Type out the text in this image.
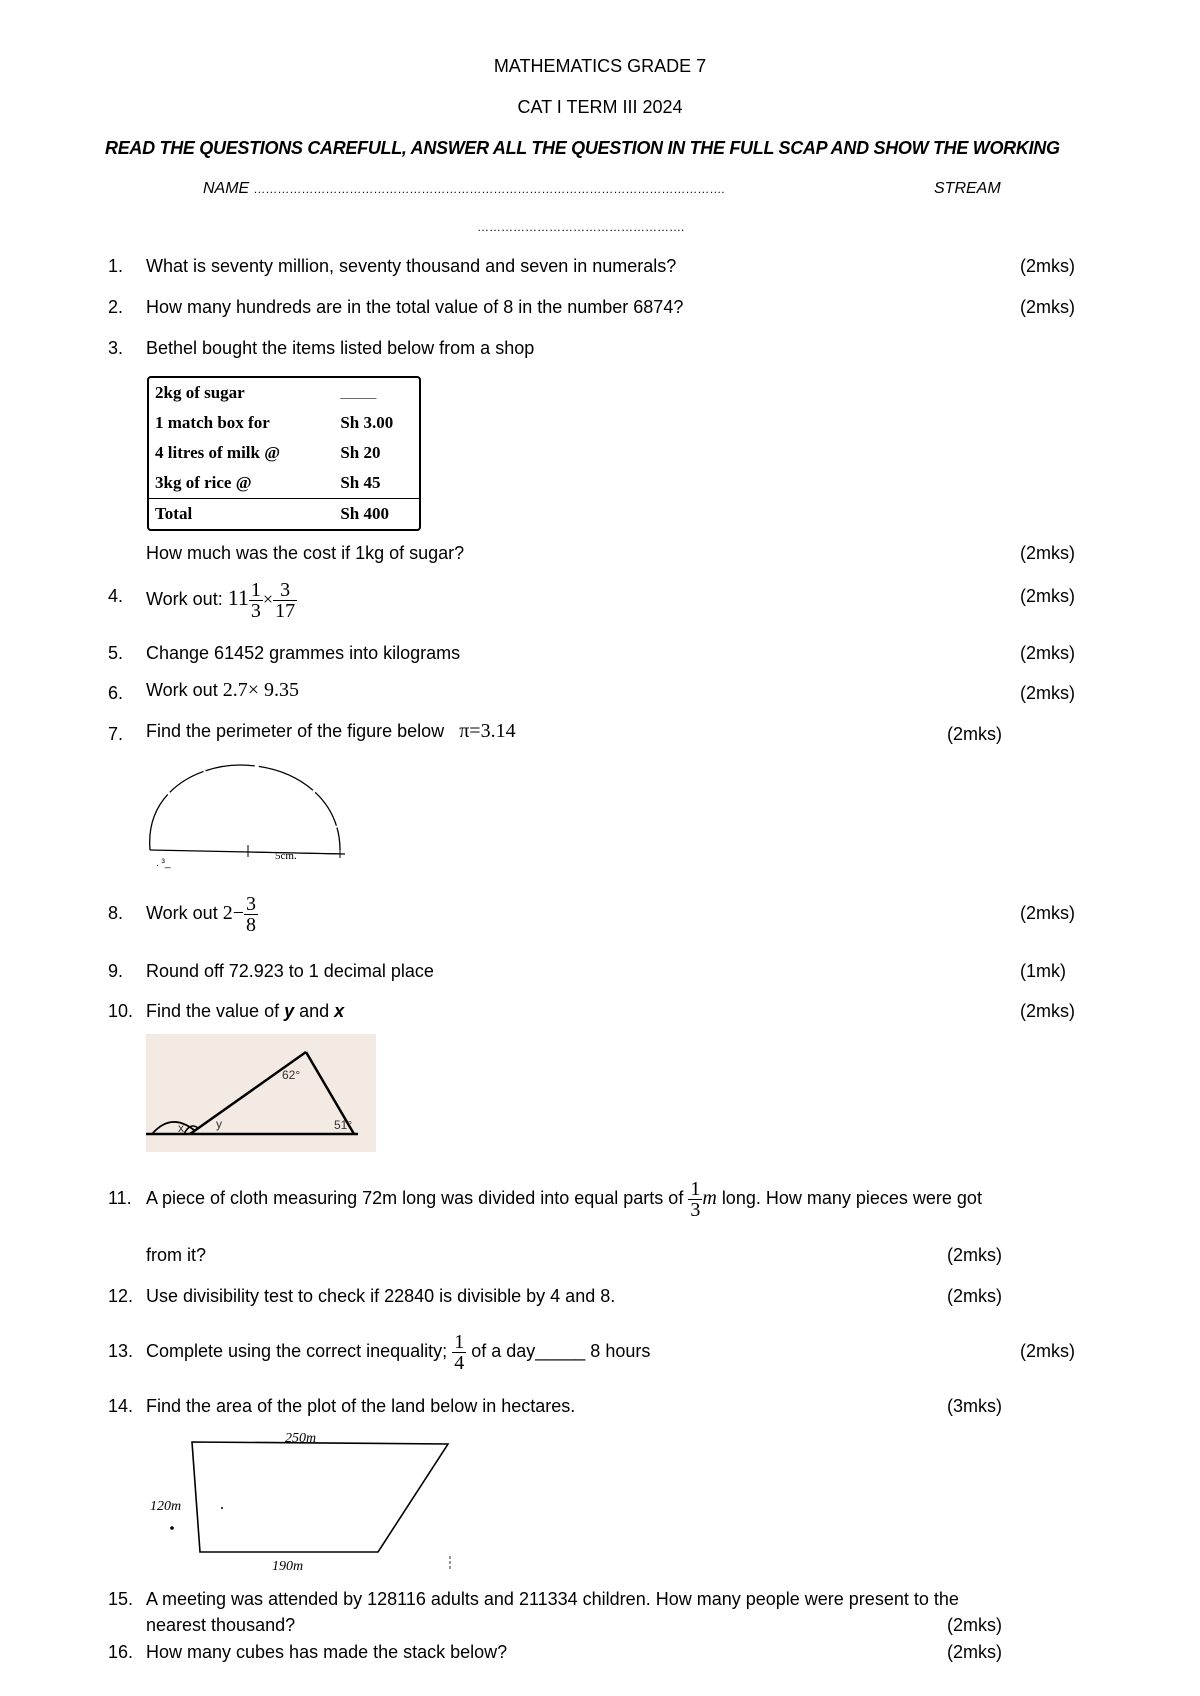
MATHEMATICS GRADE 7
CAT I TERM III 2024
READ THE QUESTIONS CAREFULL, ANSWER ALL THE QUESTION IN THE FULL SCAP AND SHOW THE WORKING
NAME ……………………………………………………………………………………………………….	STREAM
…………………………………………….
1. What is seventy million, seventy thousand and seven in numerals?	(2mks)
2. How many hundreds are in the total value of 8 in the number 6874?	(2mks)
3. Bethel bought the items listed below from a shop
2kg of sugar	______
1 match box for	Sh 3.00
4 litres of milk @	Sh 20
3kg of rice @	Sh 45
Total	Sh 400
How much was the cost if 1kg of sugar?	(2mks)
4. Work out: $11 \frac{1}{3} \times \frac{3}{17}$	(2mks)
5. Change 61452 grammes into kilograms	(2mks)
6. Work out 2.7× 9.35	(2mks)
7. Find the perimeter of the figure below π=3.14	(2mks)
5cm.
. ³_
8. Work out $2- \frac{3}{8}$	(2mks)
9. Round off 72.923 to 1 decimal place	(1mk)
10. Find the value of y and x	(2mks)
62°
51°
x	y
11. A piece of cloth measuring 72m long was divided into equal parts of $\frac{1}{3}$ m long. How many pieces were got
from it?	(2mks)
12. Use divisibility test to check if 22840 is divisible by 4 and 8.	(2mks)
13. Complete using the correct inequality; $\frac{1}{4}$ of a day_____ 8 hours	(2mks)
14. Find the area of the plot of the land below in hectares.	(3mks)
250m
120m
190m
15. A meeting was attended by 128116 adults and 211334 children. How many people were present to the
nearest thousand?	(2mks)
16. How many cubes has made the stack below?	(2mks)
